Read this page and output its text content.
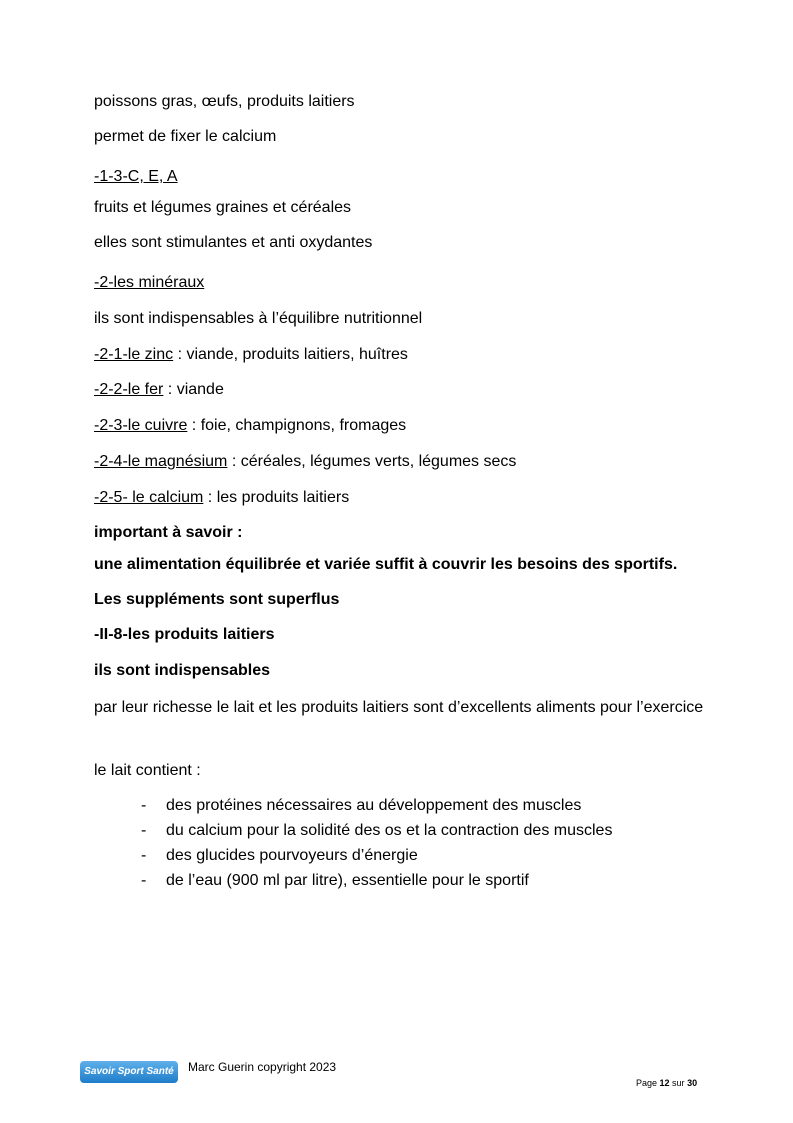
poissons gras, œufs, produits laitiers
permet de fixer le calcium
-1-3-C, E, A
fruits et légumes graines et céréales
elles sont stimulantes et anti oxydantes
-2-les minéraux
ils sont indispensables à l’équilibre nutritionnel
-2-1-le zinc : viande, produits laitiers, huîtres
-2-2-le fer : viande
-2-3-le cuivre : foie, champignons, fromages
-2-4-le magnésium : céréales, légumes verts, légumes secs
-2-5- le calcium : les produits laitiers
important à savoir :
une alimentation équilibrée et variée suffit à couvrir les besoins des sportifs.
Les suppléments sont superflus
-II-8-les produits laitiers
ils sont indispensables
par leur richesse le lait et les produits laitiers sont d’excellents aliments pour l’exercice
le lait contient :
- des protéines nécessaires au développement des muscles
- du calcium pour la solidité des os et la contraction des muscles
- des glucides pourvoyeurs d’énergie
- de l’eau (900 ml par litre), essentielle pour le sportif
Savoir Sport Santé	Marc Guerin copyright 2023
Page 12 sur 30
